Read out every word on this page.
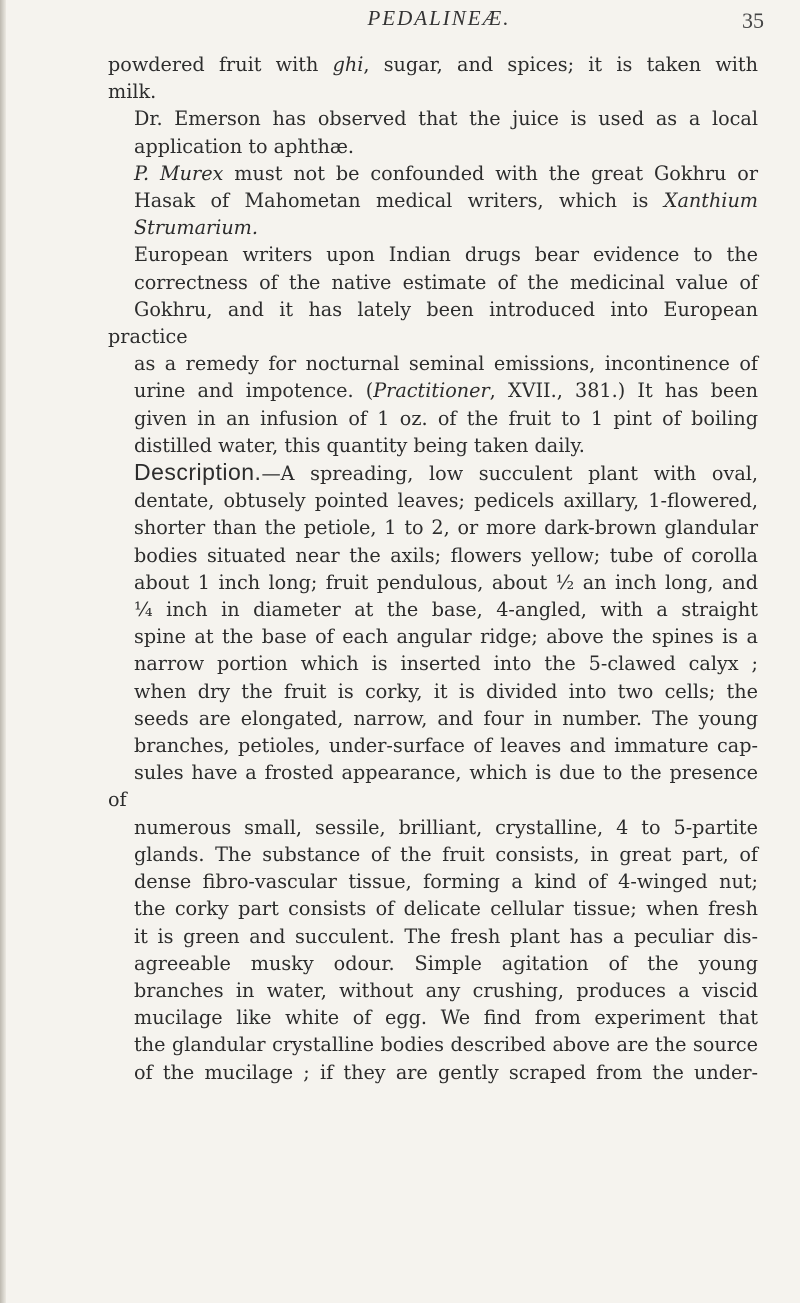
PEDALINEÆ.	35

powdered fruit with ghi, sugar, and spices; it is taken with
milk.

Dr. Emerson has observed that the juice is used as a local
application to aphthæ.

P. Murex must not be confounded with the great Gokhru or
Hasak of Mahometan medical writers, which is Xanthium
Strumarium.

European writers upon Indian drugs bear evidence to the
correctness of the native estimate of the medicinal value of
Gokhru, and it has lately been introduced into European practice
as a remedy for nocturnal seminal emissions, incontinence of
urine and impotence. (Practitioner, XVII., 381.) It has been
given in an infusion of 1 oz. of the fruit to 1 pint of boiling
distilled water, this quantity being taken daily.

Description.—A spreading, low succulent plant with oval,
dentate, obtusely pointed leaves; pedicels axillary, 1-flowered,
shorter than the petiole, 1 to 2, or more dark-brown glandular
bodies situated near the axils; flowers yellow; tube of corolla
about 1 inch long; fruit pendulous, about ½ an inch long, and
¼ inch in diameter at the base, 4-angled, with a straight
spine at the base of each angular ridge; above the spines is a
narrow portion which is inserted into the 5-clawed calyx ;
when dry the fruit is corky, it is divided into two cells; the
seeds are elongated, narrow, and four in number. The young
branches, petioles, under-surface of leaves and immature cap-
sules have a frosted appearance, which is due to the presence of
numerous small, sessile, brilliant, crystalline, 4 to 5-partite
glands. The substance of the fruit consists, in great part, of
dense fibro-vascular tissue, forming a kind of 4-winged nut;
the corky part consists of delicate cellular tissue; when fresh
it is green and succulent. The fresh plant has a peculiar dis-
agreeable musky odour. Simple agitation of the young
branches in water, without any crushing, produces a viscid
mucilage like white of egg. We find from experiment that
the glandular crystalline bodies described above are the source
of the mucilage ; if they are gently scraped from the under-
